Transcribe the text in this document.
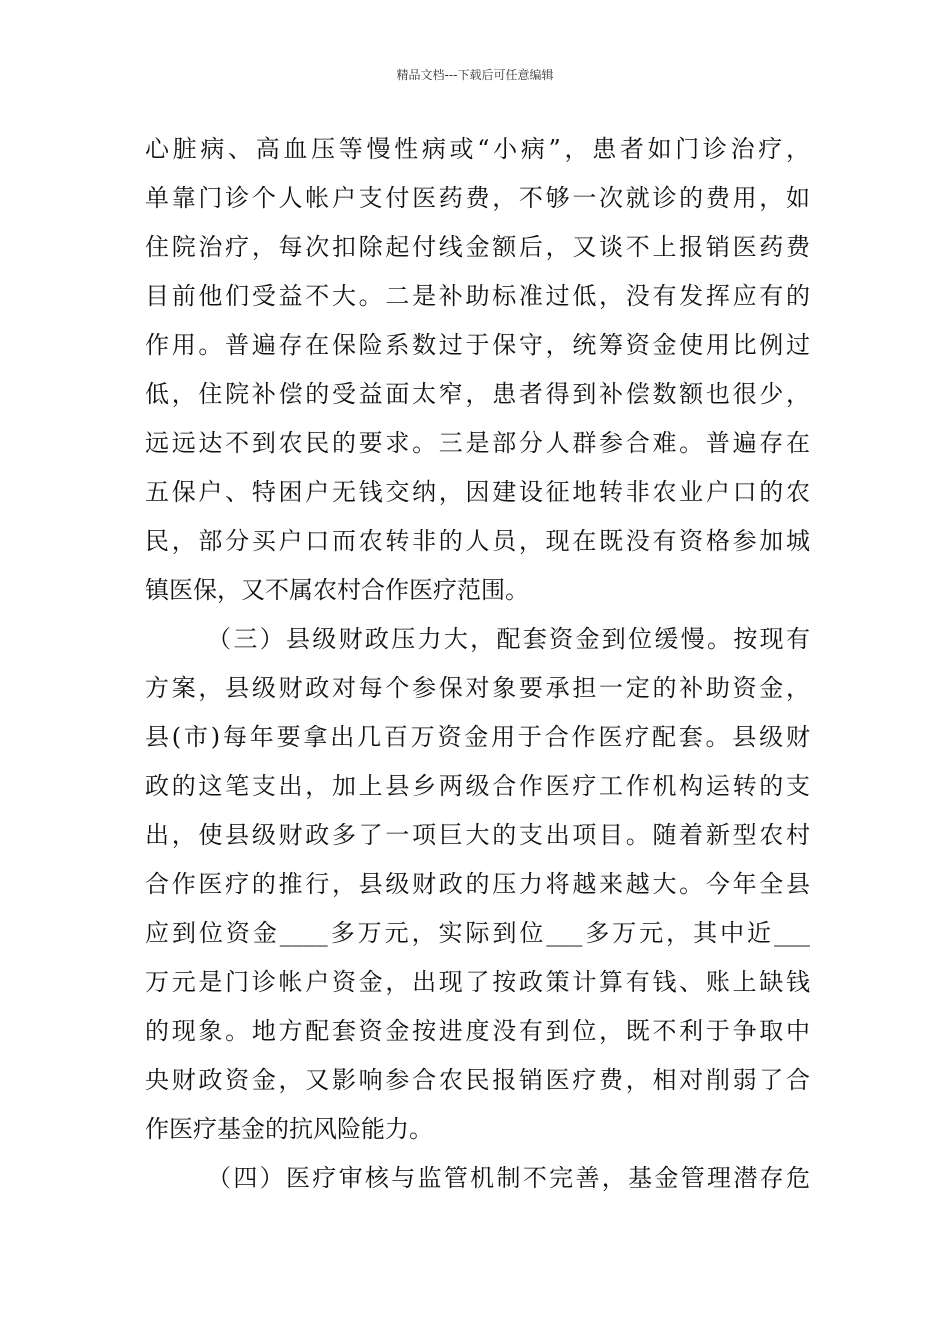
精品文档---下载后可任意编辑
心脏病、高血压等慢性病或“小病”，患者如门诊治疗，
单靠门诊个人帐户支付医药费，不够一次就诊的费用，如
住院治疗，每次扣除起付线金额后，又谈不上报销医药费
目前他们受益不大。二是补助标准过低，没有发挥应有的
作用。普遍存在保险系数过于保守，统筹资金使用比例过
低，住院补偿的受益面太窄，患者得到补偿数额也很少，
远远达不到农民的要求。三是部分人群参合难。普遍存在
五保户、特困户无钱交纳，因建设征地转非农业户口的农
民，部分买户口而农转非的人员，现在既没有资格参加城
镇医保，又不属农村合作医疗范围。
（三）县级财政压力大，配套资金到位缓慢。按现有
方案，县级财政对每个参保对象要承担一定的补助资金，
县(市)每年要拿出几百万资金用于合作医疗配套。县级财
政的这笔支出，加上县乡两级合作医疗工作机构运转的支
出，使县级财政多了一项巨大的支出项目。随着新型农村
合作医疗的推行，县级财政的压力将越来越大。今年全县
应到位资金____多万元，实际到位___多万元，其中近___
万元是门诊帐户资金，出现了按政策计算有钱、账上缺钱
的现象。地方配套资金按进度没有到位，既不利于争取中
央财政资金，又影响参合农民报销医疗费，相对削弱了合
作医疗基金的抗风险能力。
（四）医疗审核与监管机制不完善，基金管理潜存危
